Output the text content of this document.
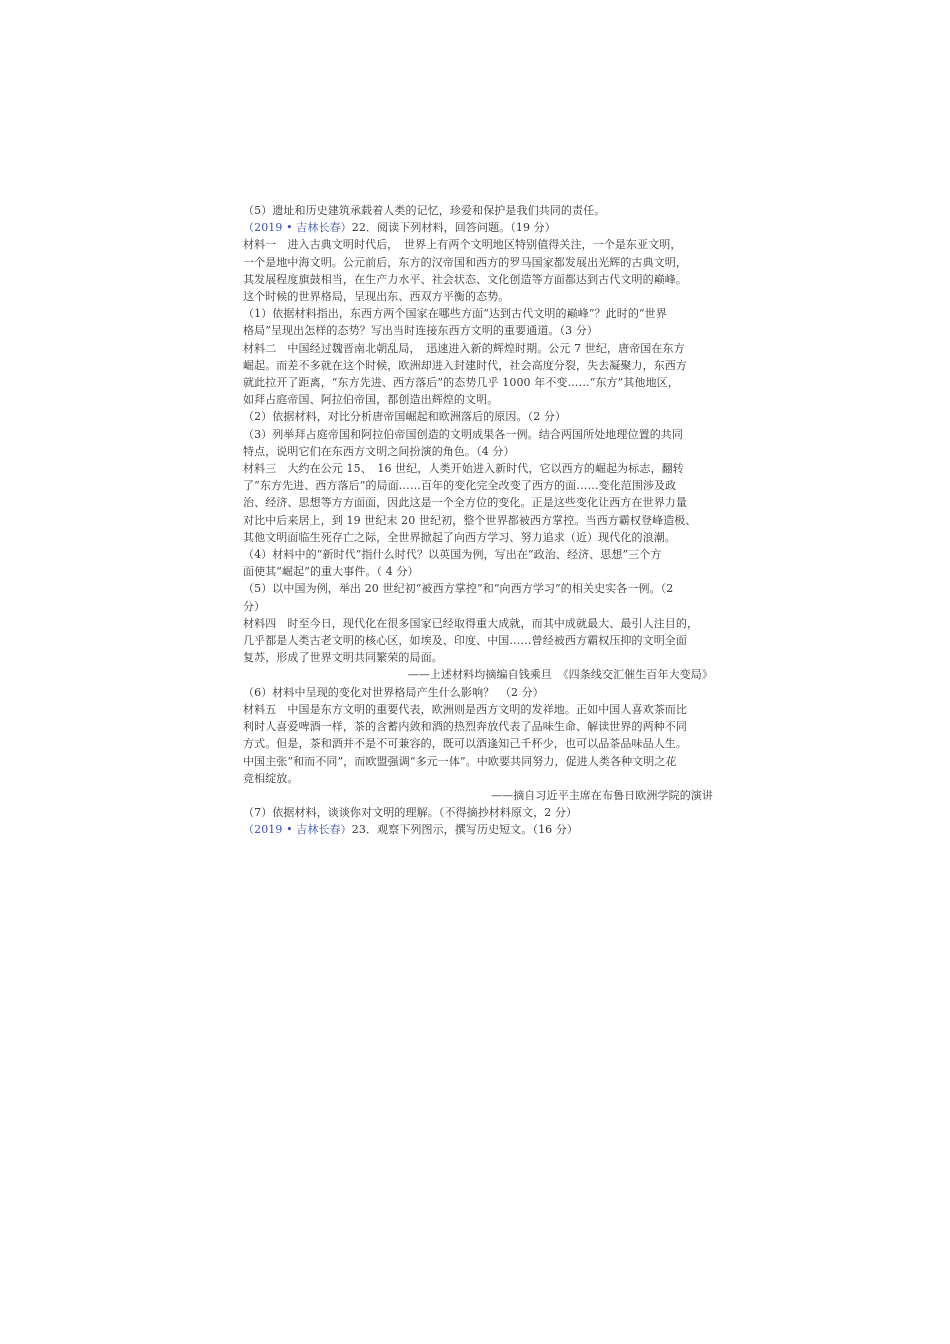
（5）遗址和历史建筑承载着人类的记忆，珍爱和保护是我们共同的责任。
（2019 • 吉林长春）22．阅读下列材料，回答问题。（19 分）
材料一　进入古典文明时代后，　世界上有两个文明地区特别值得关注，一个是东亚文明，
一个是地中海文明。公元前后，东方的汉帝国和西方的罗马国家都发展出光辉的古典文明，
其发展程度旗鼓相当，在生产力水平、社会状态、文化创造等方面都达到古代文明的巅峰。
这个时候的世界格局，呈现出东、西双方平衡的态势。
（1）依据材料指出，东西方两个国家在哪些方面“达到古代文明的巅峰”？此时的“世界
格局”呈现出怎样的态势？写出当时连接东西方文明的重要通道。（3 分）
材料二　中国经过魏晋南北朝乱局，　迅速进入新的辉煌时期。公元 7 世纪，唐帝国在东方
崛起。而差不多就在这个时候，欧洲却进入封建时代，社会高度分裂，失去凝聚力，东西方
就此拉开了距离，“东方先进、西方落后”的态势几乎 1000 年不变……“东方”其他地区，
如拜占庭帝国、阿拉伯帝国，都创造出辉煌的文明。
（2）依据材料，对比分析唐帝国崛起和欧洲落后的原因。（2 分）
（3）列举拜占庭帝国和阿拉伯帝国创造的文明成果各一例。结合两国所处地理位置的共同
特点，说明它们在东西方文明之间扮演的角色。（4 分）
材料三　大约在公元 15、　16 世纪，人类开始进入新时代，它以西方的崛起为标志，翻转
了“东方先进、西方落后”的局面……百年的变化完全改变了西方的面……变化范围涉及政
治、经济、思想等方方面面，因此这是一个全方位的变化。正是这些变化让西方在世界力量
对比中后来居上，到 19 世纪末 20 世纪初，整个世界都被西方掌控。当西方霸权登峰造极、
其他文明面临生死存亡之际，全世界掀起了向西方学习、努力追求（近）现代化的浪潮。
（4）材料中的“新时代”指什么时代？以英国为例，写出在“政治、经济、思想”三个方
面使其“崛起”的重大事件。（ 4 分）
（5）以中国为例，举出 20 世纪初“被西方掌控”和“向西方学习”的相关史实各一例。（2
分）
材料四　时至今日，现代化在很多国家已经取得重大成就，而其中成就最大、最引人注目的，
几乎都是人类古老文明的核心区，如埃及、印度、中国……曾经被西方霸权压抑的文明全面
复苏，形成了世界文明共同繁荣的局面。
——上述材料均摘编自钱乘旦　《四条线交汇催生百年大变局》
（6）材料中呈现的变化对世界格局产生什么影响？　（2 分）
材料五　中国是东方文明的重要代表，欧洲则是西方文明的发祥地。正如中国人喜欢茶而比
利时人喜爱啤酒一样，茶的含蓄内敛和酒的热烈奔放代表了品味生命、解读世界的两种不同
方式。但是，茶和酒并不是不可兼容的，既可以酒逢知己千杯少，也可以品茶品味品人生。
中国主张“和而不同”，而欧盟强调“多元一体”。中欧要共同努力，促进人类各种文明之花
竞相绽放。
——摘自习近平主席在布鲁日欧洲学院的演讲
（7）依据材料，谈谈你对文明的理解。（不得摘抄材料原文，2 分）
（2019 • 吉林长春）23．观察下列图示，撰写历史短文。（16 分）
